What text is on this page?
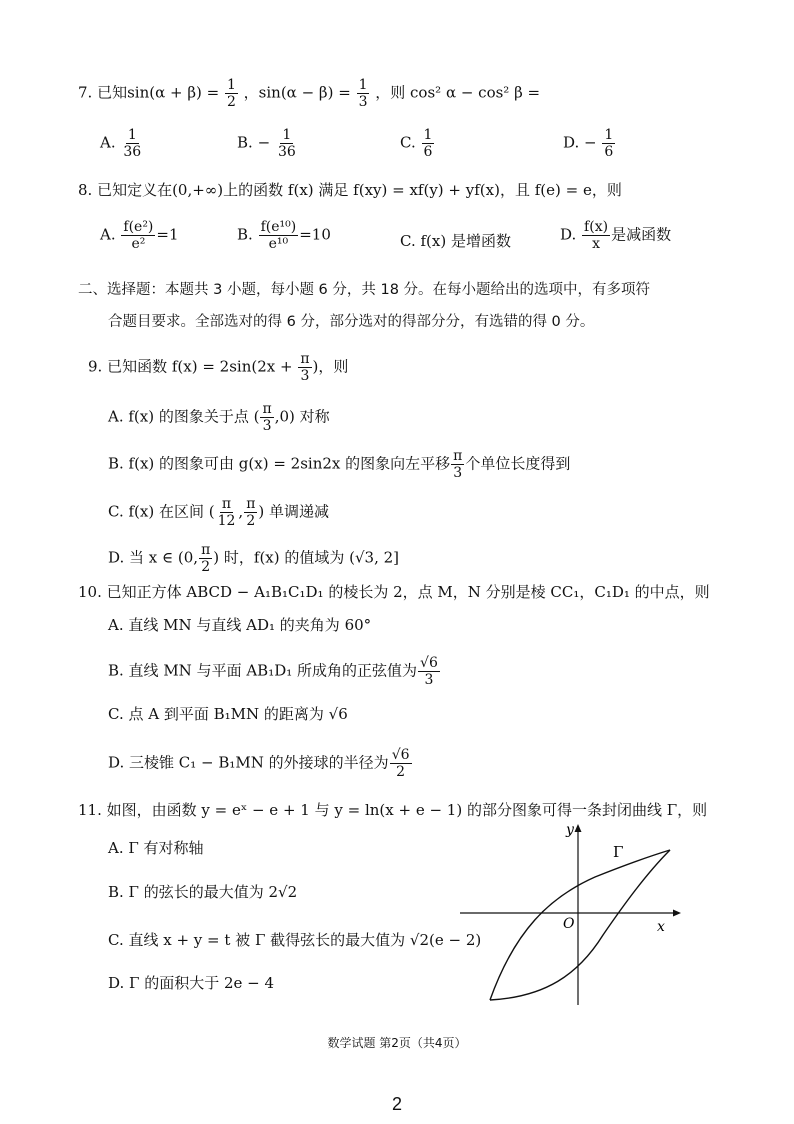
7. 已知$\sin(\alpha + \beta) = \frac{1}{2}$ ，$\sin(\alpha - \beta) = \frac{1}{3}$ ，则 cos² α − cos² β =
A. $\frac{1}{36}$	B. − $\frac{1}{36}$	C. $\frac{1}{6}$	D. − $\frac{1}{6}$
8. 已知定义在(0,+∞)上的函数 f(x) 满足 f(xy) = xf(y) + yf(x)，且 f(e) = e，则
A. $\frac{\text{f(e²)}}{\text{e²}} =1$	B. $\frac{\text{f(e¹⁰)}}{\text{e¹⁰}} =10$	C. f(x) 是增函数	D. $\frac{f(x)}{x}$ 是减函数
二、选择题：本题共 3 小题，每小题 6 分，共 18 分。在每小题给出的选项中，有多项符
合题目要求。全部选对的得 6 分，部分选对的得部分分，有选错的得 0 分。
9. 已知函数 $f(x) = 2\sin(2x + \frac{\pi}{3}$ )，则
A. f(x) 的图象关于点 ( $\frac{\pi}{3} ,0$) 对称
B. f(x) 的图象可由 g(x) = 2sin2x 的图象向左平移 $\frac{\pi}{3}$ 个单位长度得到
C. f(x) 在区间 ( $\frac{\pi}{12}$ , $\frac{\pi}{2}$ ) 单调递减
D. 当 x ∈ (0, $\frac{\pi}{2}$ ) 时，f(x) 的值域为 (√3, 2]
10. 已知正方体 ABCD − A₁B₁C₁D₁ 的棱长为 2，点 M，N 分别是棱 CC₁，C₁D₁ 的中点，则
A. 直线 MN 与直线 AD₁ 的夹角为 60°
B. 直线 MN 与平面 AB₁D₁ 所成角的正弦值为 $\frac{√6}{3}$
C. 点 A 到平面 B₁MN 的距离为 √6
D. 三棱锥 C₁ − B₁MN 的外接球的半径为 $\frac{√6}{2}$
11. 如图，由函数 y = eˣ − e + 1 与 y = ln(x + e − 1) 的部分图象可得一条封闭曲线 Γ，则
A. Γ 有对称轴
B. Γ 的弦长的最大值为 2√2
C. 直线 x + y = t 被 Γ 截得弦长的最大值为 √2(e − 2)
D. Γ 的面积大于 2e − 4
y
x
O
Γ
数学试题 第2页（共4页）
2
